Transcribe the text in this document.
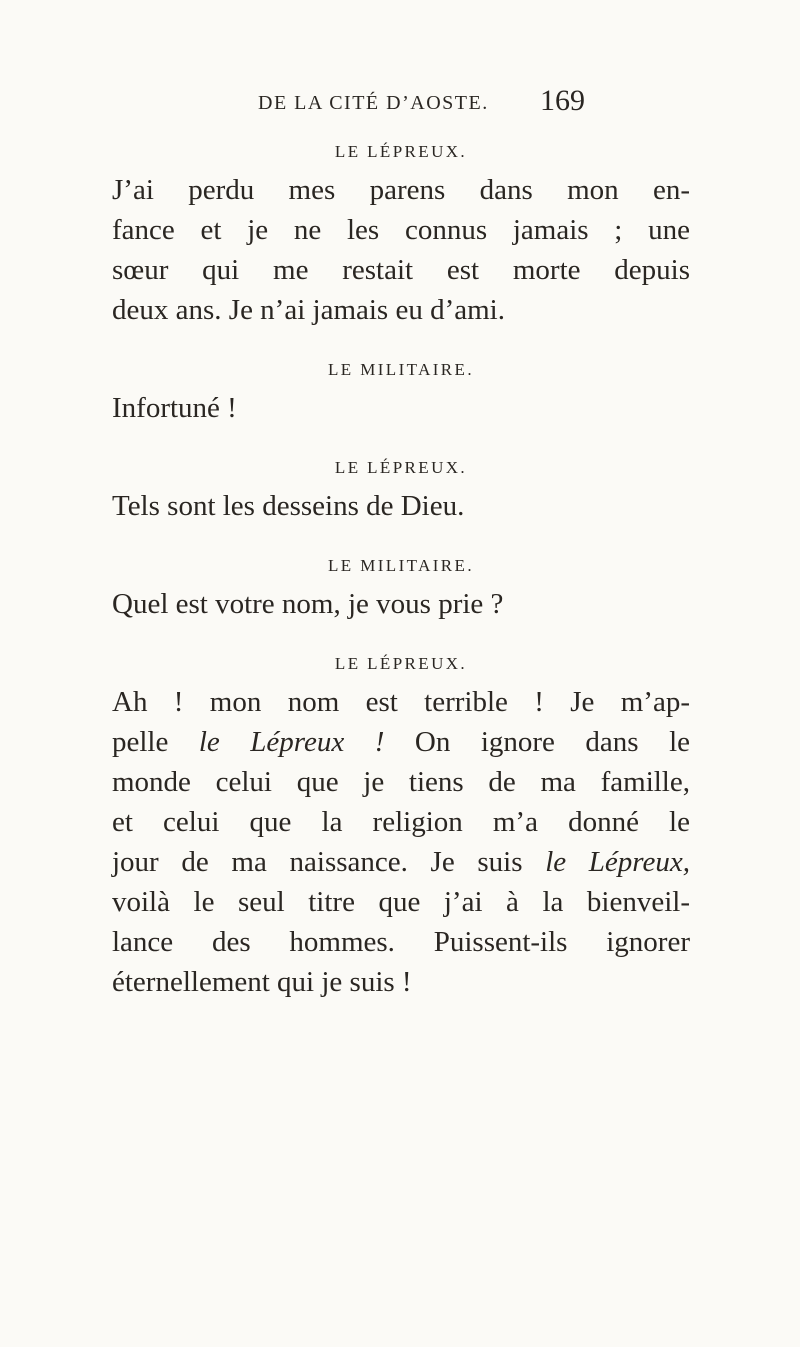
DE LA CITÉ D’AOSTE. 169

LE LÉPREUX.

J’ai perdu mes parens dans mon en-

fance et je ne les connus jamais ; une

sœur qui me restait est morte depuis

deux ans. Je n’ai jamais eu d’ami.

LE MILITAIRE.

Infortuné !

LE LÉPREUX.

Tels sont les desseins de Dieu.

LE MILITAIRE.

Quel est votre nom, je vous prie ?

LE LÉPREUX.

Ah ! mon nom est terrible ! Je m’ap-

pelle le Lépreux ! On ignore dans le

monde celui que je tiens de ma famille,

et celui que la religion m’a donné le

jour de ma naissance. Je suis le Lépreux,

voilà le seul titre que j’ai à la bienveil-

lance des hommes. Puissent-ils ignorer

éternellement qui je suis !
